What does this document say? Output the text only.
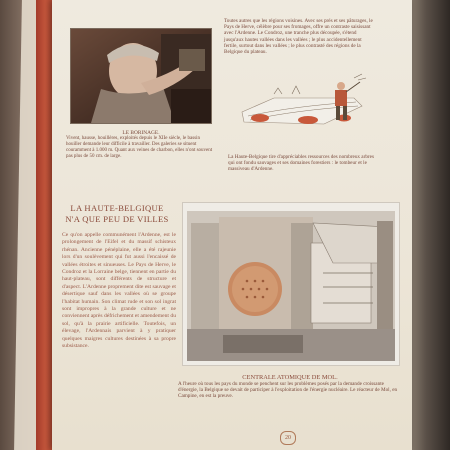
Toutes autres que les régions voisines. Avec ses prés et ses pâturages, le Pays de Herve, célèbre pour ses fromages, offre un contraste saisissant avec l'Ardenne. Le Condroz, une tranche plus découpée, s'étend jusqu'aux hautes vallées dans les vallées ; le plus accidentellement fertile, surtout dans les vallées ; le plus contrasté des régions de la Belgique du plateau.
LE BORINAGE.
Vivent, hausse, houillères, exploités depuis le XIIe siècle, le bassin houiller demande leur difficile à travailler. Des galeries se situent couramment à 1.000 m. Quant aux veines de charbon, elles n'ont souvent pas plus de 50 cm. de large.	La Haute-Belgique tire d'appréciables ressources des nombreux arbres qui ont fondu sauvages et ses domaines forestiers : le tombeur et le massiveau d'Ardenne.
LA HAUTE-BELGIQUE
N'A QUE PEU DE VILLES
Ce qu'on appelle communément l'Ardenne, est le prolongement de l'Eifel et du massif schisteux rhénan. Ancienne pénéplaine, elle a été rajeunie lors d'un soulèvement qui fut aussi l'encaissé de vallées étroites et sinueuses. Le Pays de Herve, le Condroz et la Lorraine belge, tiennent en partie du haut-plateau, sont différents de structure et d'aspect. L'Ardenne proprement dite est sauvage et désertique sauf dans les vallées où se groupe l'habitat humain. Son climat rude et son sol ingrat sont impropres à la grande culture et ne conviennent après défrichement et amendement du sol, qu'à la prairie artificielle. Toutefois, un élevage, l'Ardennais parvient à y pratiquer quelques maigres cultures destinées à sa propre subsistance.
CENTRALE ATOMIQUE DE MOL.
A l'heure où tous les pays du monde se penchent sur les problèmes posés par la demande croissante d'énergie, la Belgique se devait de participer à l'exploitation de l'énergie nucléaire. Le réacteur de Mol, en Campine, en est la preuve.
20
